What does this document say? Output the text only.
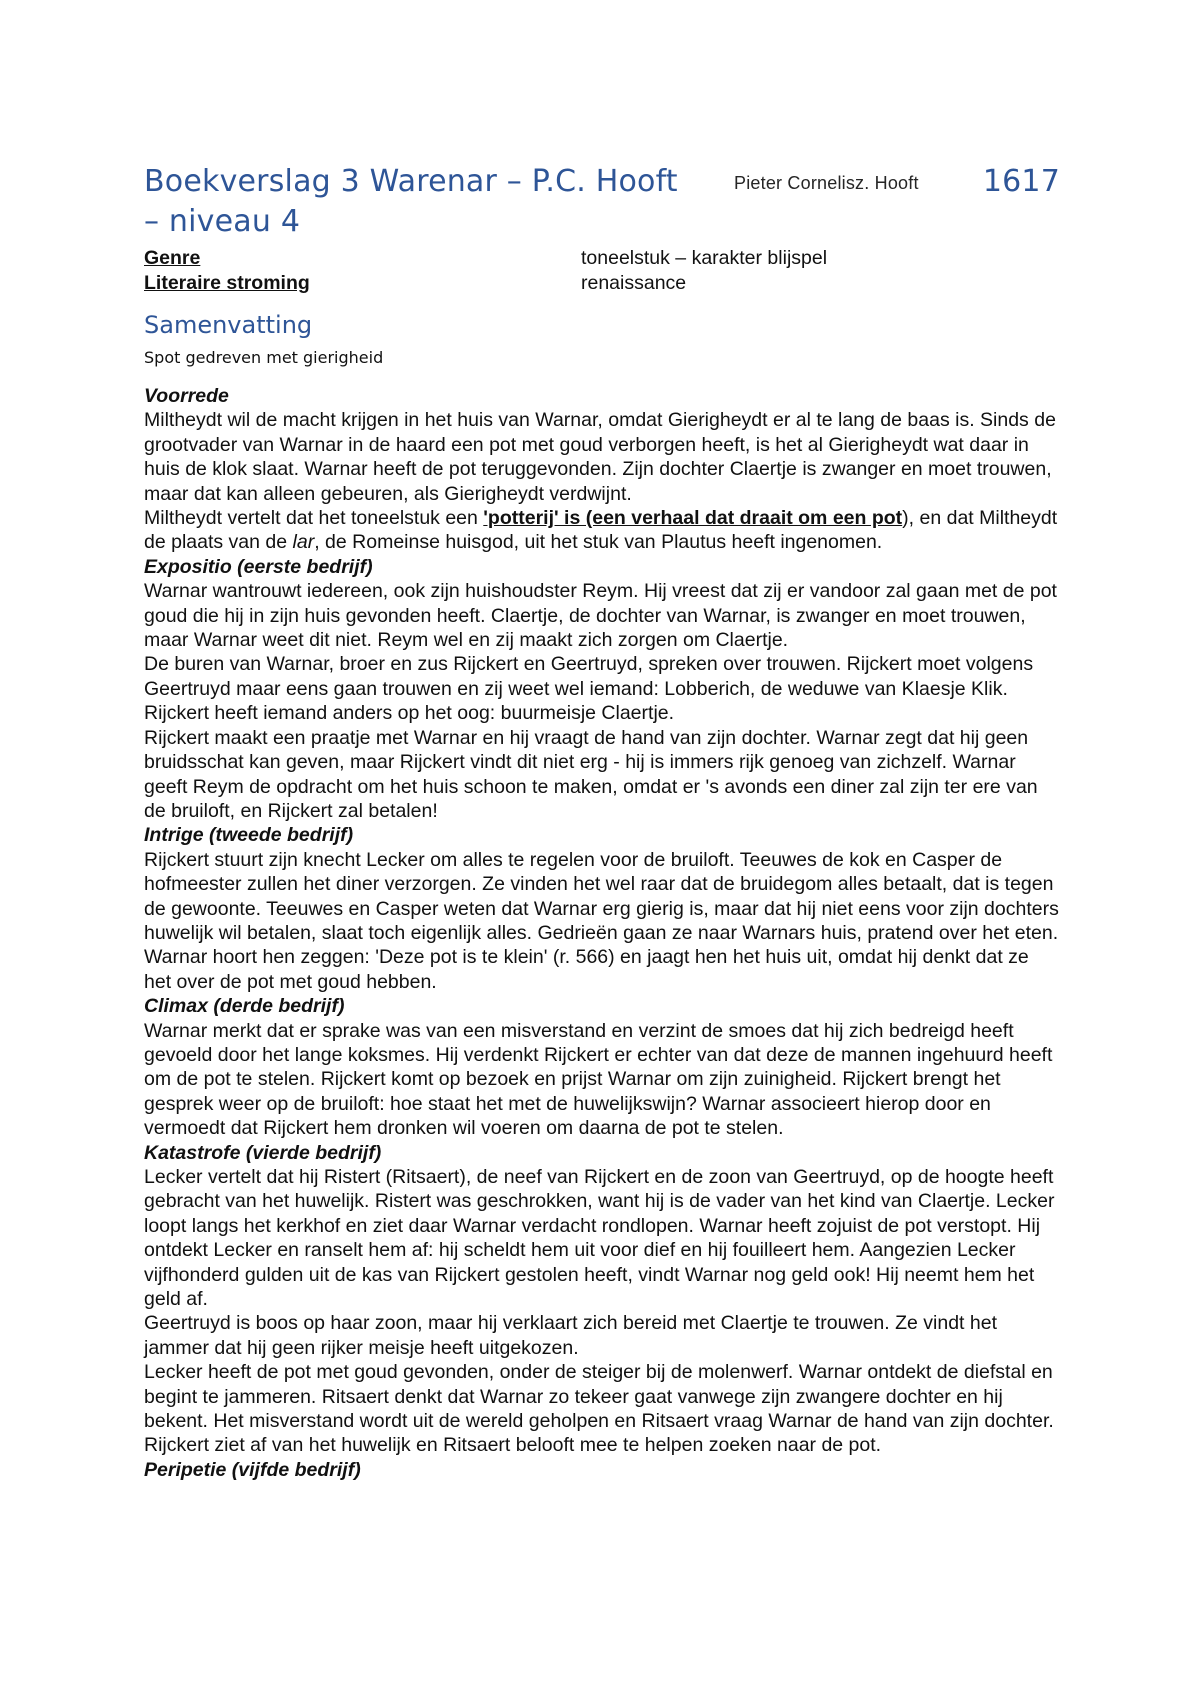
Boekverslag 3 Warenar – P.C. Hooft	Pieter Cornelisz. Hooft 1617
– niveau 4
Genre	toneelstuk – karakter blijspel
Literaire stroming	renaissance
Samenvatting
Spot gedreven met gierigheid
Voorrede

Miltheydt wil de macht krijgen in het huis van Warnar, omdat Gierigheydt er al te lang de baas is. Sinds de grootvader van Warnar in de haard een pot met goud verborgen heeft, is het al Gierigheydt wat daar in huis de klok slaat. Warnar heeft de pot teruggevonden. Zijn dochter Claertje is zwanger en moet trouwen, maar dat kan alleen gebeuren, als Gierigheydt verdwijnt.

Miltheydt vertelt dat het toneelstuk een 'potterij' is (een verhaal dat draait om een pot), en dat Miltheydt de plaats van de lar, de Romeinse huisgod, uit het stuk van Plautus heeft ingenomen.

Expositio (eerste bedrijf)

Warnar wantrouwt iedereen, ook zijn huishoudster Reym. Hij vreest dat zij er vandoor zal gaan met de pot goud die hij in zijn huis gevonden heeft. Claertje, de dochter van Warnar, is zwanger en moet trouwen, maar Warnar weet dit niet. Reym wel en zij maakt zich zorgen om Claertje.

De buren van Warnar, broer en zus Rijckert en Geertruyd, spreken over trouwen. Rijckert moet volgens Geertruyd maar eens gaan trouwen en zij weet wel iemand: Lobberich, de weduwe van Klaesje Klik. Rijckert heeft iemand anders op het oog: buurmeisje Claertje.

Rijckert maakt een praatje met Warnar en hij vraagt de hand van zijn dochter. Warnar zegt dat hij geen bruidsschat kan geven, maar Rijckert vindt dit niet erg - hij is immers rijk genoeg van zichzelf. Warnar geeft Reym de opdracht om het huis schoon te maken, omdat er 's avonds een diner zal zijn ter ere van de bruiloft, en Rijckert zal betalen!

Intrige (tweede bedrijf)

Rijckert stuurt zijn knecht Lecker om alles te regelen voor de bruiloft. Teeuwes de kok en Casper de hofmeester zullen het diner verzorgen. Ze vinden het wel raar dat de bruidegom alles betaalt, dat is tegen de gewoonte. Teeuwes en Casper weten dat Warnar erg gierig is, maar dat hij niet eens voor zijn dochters huwelijk wil betalen, slaat toch eigenlijk alles. Gedrieën gaan ze naar Warnars huis, pratend over het eten. Warnar hoort hen zeggen: 'Deze pot is te klein' (r. 566) en jaagt hen het huis uit, omdat hij denkt dat ze het over de pot met goud hebben.

Climax (derde bedrijf)

Warnar merkt dat er sprake was van een misverstand en verzint de smoes dat hij zich bedreigd heeft gevoeld door het lange koksmes. Hij verdenkt Rijckert er echter van dat deze de mannen ingehuurd heeft om de pot te stelen. Rijckert komt op bezoek en prijst Warnar om zijn zuinigheid. Rijckert brengt het gesprek weer op de bruiloft: hoe staat het met de huwelijkswijn? Warnar associeert hierop door en vermoedt dat Rijckert hem dronken wil voeren om daarna de pot te stelen.

Katastrofe (vierde bedrijf)

Lecker vertelt dat hij Ristert (Ritsaert), de neef van Rijckert en de zoon van Geertruyd, op de hoogte heeft gebracht van het huwelijk. Ristert was geschrokken, want hij is de vader van het kind van Claertje. Lecker loopt langs het kerkhof en ziet daar Warnar verdacht rondlopen. Warnar heeft zojuist de pot verstopt. Hij ontdekt Lecker en ranselt hem af: hij scheldt hem uit voor dief en hij fouilleert hem. Aangezien Lecker vijfhonderd gulden uit de kas van Rijckert gestolen heeft, vindt Warnar nog geld ook! Hij neemt hem het geld af.

Geertruyd is boos op haar zoon, maar hij verklaart zich bereid met Claertje te trouwen. Ze vindt het jammer dat hij geen rijker meisje heeft uitgekozen.

Lecker heeft de pot met goud gevonden, onder de steiger bij de molenwerf. Warnar ontdekt de diefstal en begint te jammeren. Ritsaert denkt dat Warnar zo tekeer gaat vanwege zijn zwangere dochter en hij bekent. Het misverstand wordt uit de wereld geholpen en Ritsaert vraag Warnar de hand van zijn dochter. Rijckert ziet af van het huwelijk en Ritsaert belooft mee te helpen zoeken naar de pot.

Peripetie (vijfde bedrijf)
